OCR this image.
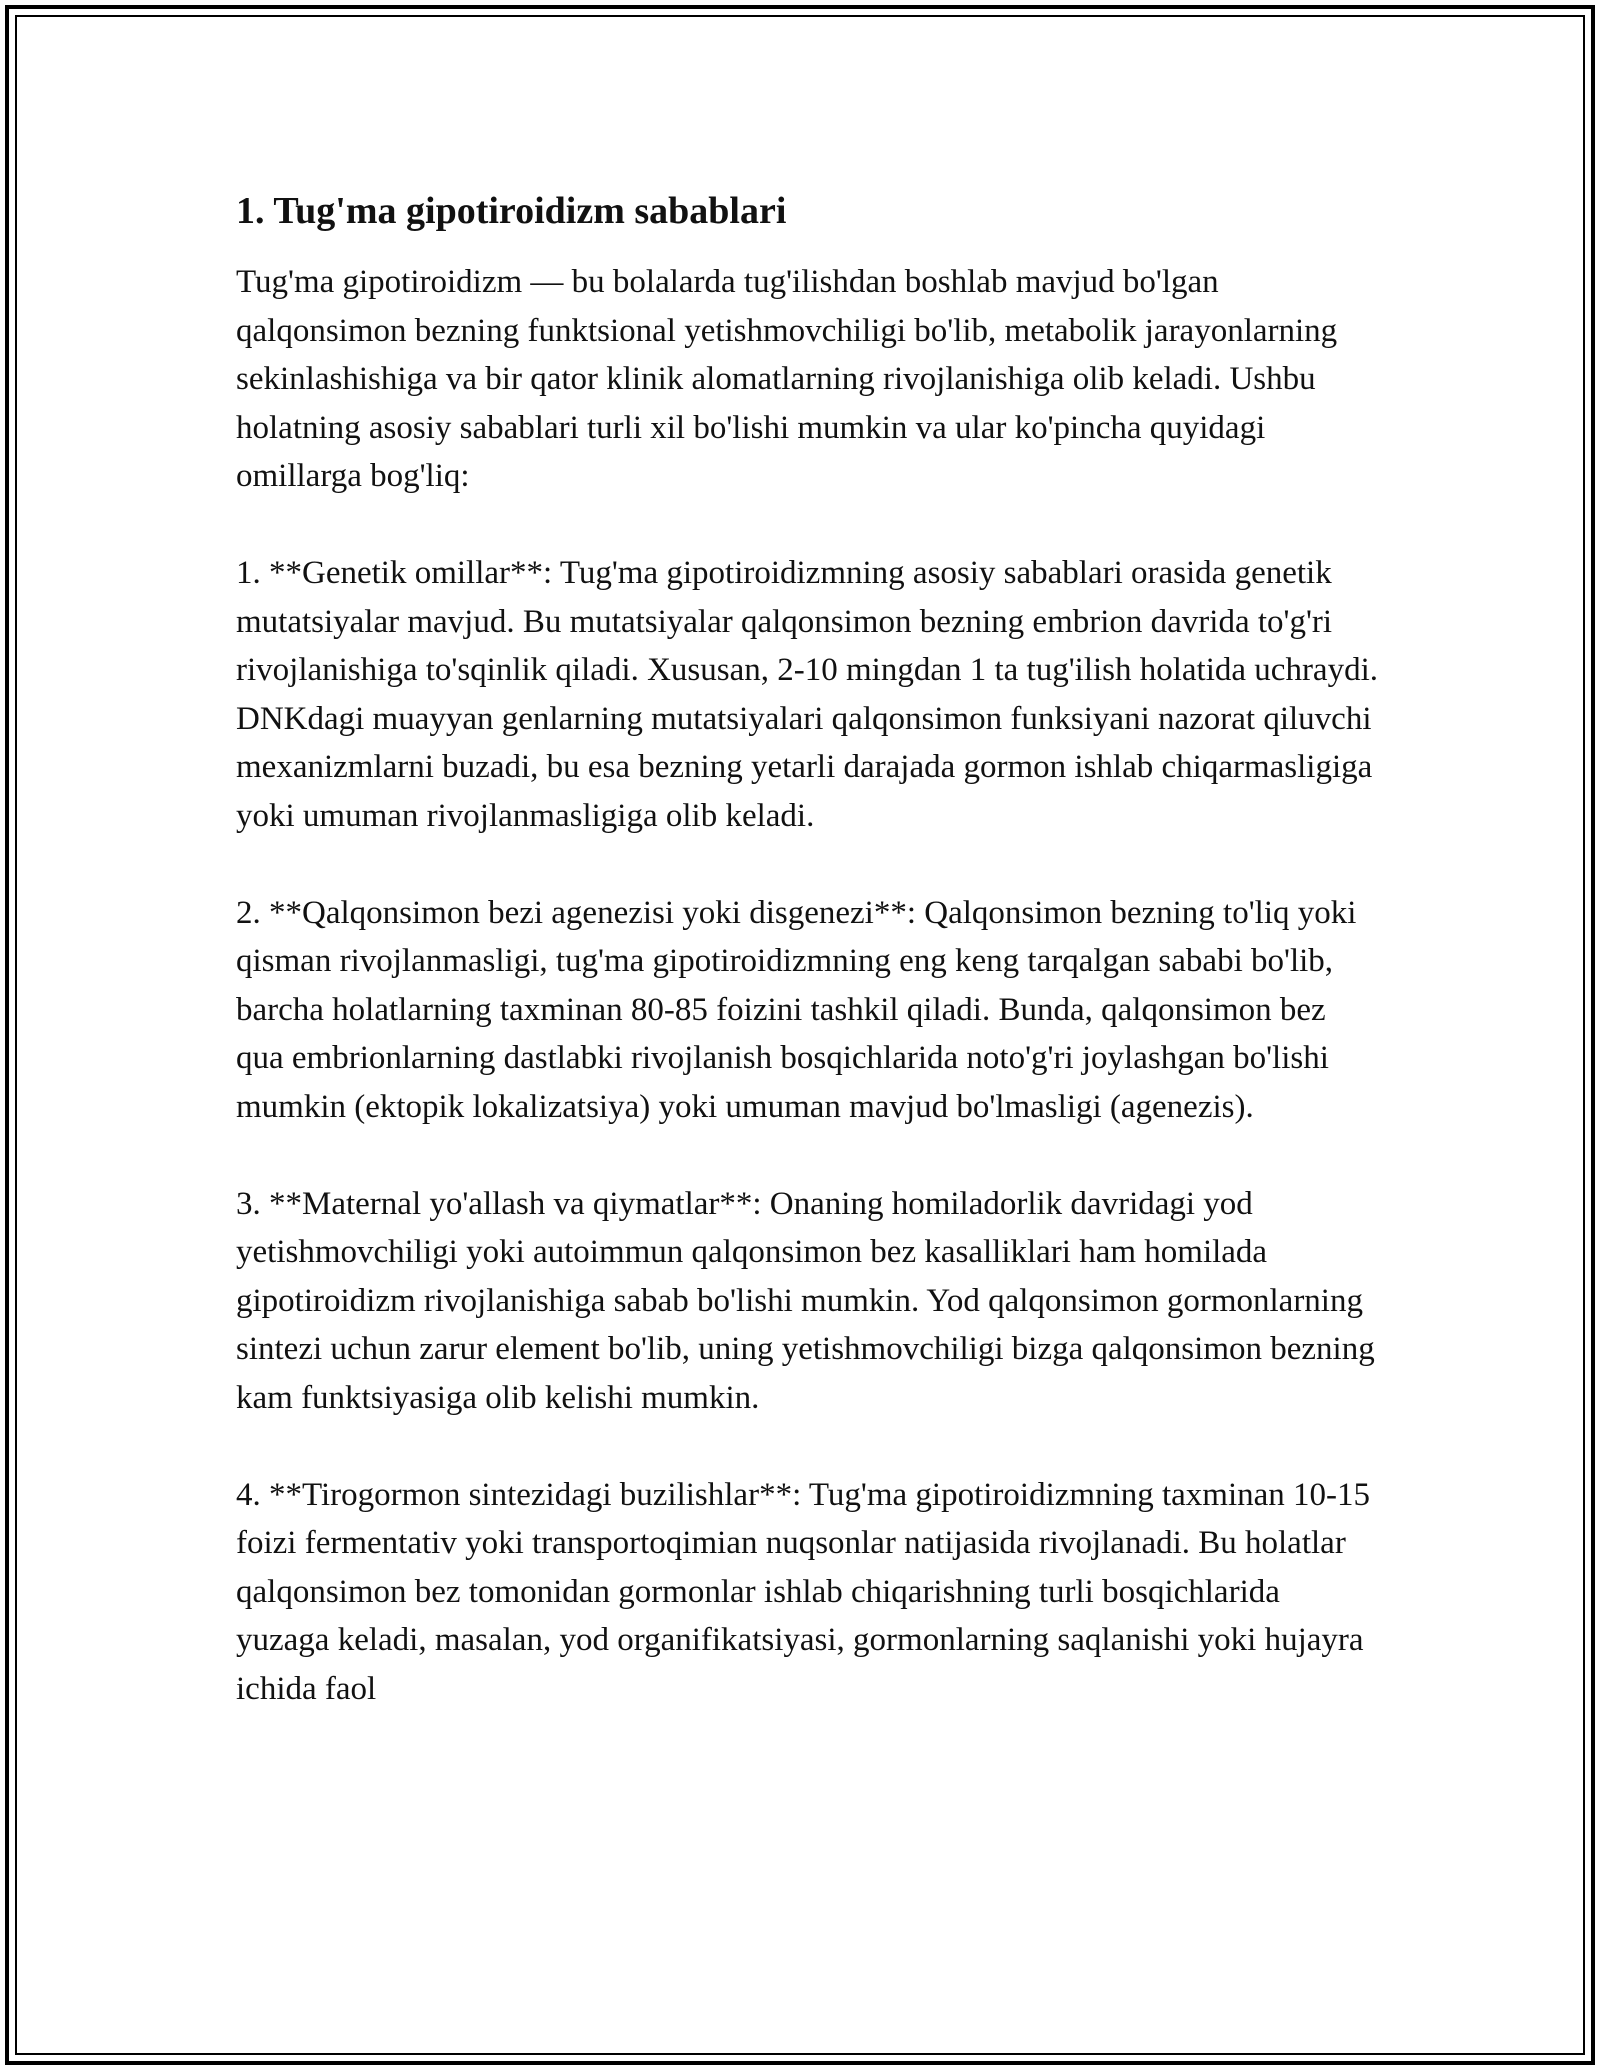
1. Tug'ma gipotiroidizm sabablari

Tug'ma gipotiroidizm — bu bolalarda tug'ilishdan boshlab mavjud bo'lgan qalqonsimon bezning funktsional yetishmovchiligi bo'lib, metabolik jarayonlarning sekinlashishiga va bir qator klinik alomatlarning rivojlanishiga olib keladi. Ushbu holatning asosiy sabablari turli xil bo'lishi mumkin va ular ko'pincha quyidagi omillarga bog'liq:

1. **Genetik omillar**: Tug'ma gipotiroidizmning asosiy sabablari orasida genetik mutatsiyalar mavjud. Bu mutatsiyalar qalqonsimon bezning embrion davrida to'g'ri rivojlanishiga to'sqinlik qiladi. Xususan, 2-10 mingdan 1 ta tug'ilish holatida uchraydi. DNKdagi muayyan genlarning mutatsiyalari qalqonsimon funksiyani nazorat qiluvchi mexanizmlarni buzadi, bu esa bezning yetarli darajada gormon ishlab chiqarmasligiga yoki umuman rivojlanmasligiga olib keladi.

2. **Qalqonsimon bezi agenezisi yoki disgenezi**: Qalqonsimon bezning to'liq yoki qisman rivojlanmasligi, tug'ma gipotiroidizmning eng keng tarqalgan sababi bo'lib, barcha holatlarning taxminan 80-85 foizini tashkil qiladi. Bunda, qalqonsimon bez qua embrionlarning dastlabki rivojlanish bosqichlarida noto'g'ri joylashgan bo'lishi mumkin (ektopik lokalizatsiya) yoki umuman mavjud bo'lmasligi (agenezis).

3. **Maternal yo'allash va qiymatlar**: Onaning homiladorlik davridagi yod yetishmovchiligi yoki autoimmun qalqonsimon bez kasalliklari ham homilada gipotiroidizm rivojlanishiga sabab bo'lishi mumkin. Yod qalqonsimon gormonlarning sintezi uchun zarur element bo'lib, uning yetishmovchiligi bizga qalqonsimon bezning kam funktsiyasiga olib kelishi mumkin.

4. **Tirogormon sintezidagi buzilishlar**: Tug'ma gipotiroidizmning taxminan 10-15 foizi fermentativ yoki transportoqimian nuqsonlar natijasida rivojlanadi. Bu holatlar qalqonsimon bez tomonidan gormonlar ishlab chiqarishning turli bosqichlarida yuzaga keladi, masalan, yod organifikatsiyasi, gormonlarning saqlanishi yoki hujayra ichida faol
